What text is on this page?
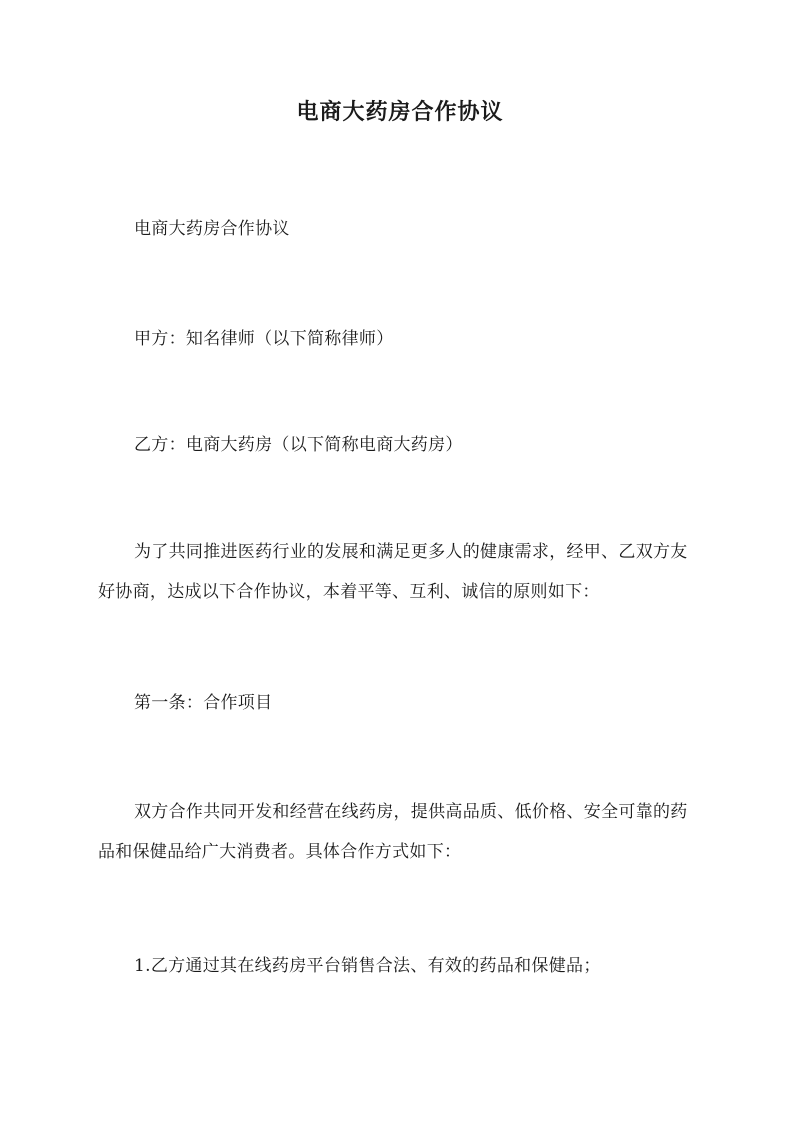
电商大药房合作协议

电商大药房合作协议

甲方：知名律师（以下简称律师）

乙方：电商大药房（以下简称电商大药房）

为了共同推进医药行业的发展和满足更多人的健康需求，经甲、乙双方友好协商，达成以下合作协议，本着平等、互利、诚信的原则如下：

第一条：合作项目

双方合作共同开发和经营在线药房，提供高品质、低价格、安全可靠的药品和保健品给广大消费者。具体合作方式如下：

1.乙方通过其在线药房平台销售合法、有效的药品和保健品；
